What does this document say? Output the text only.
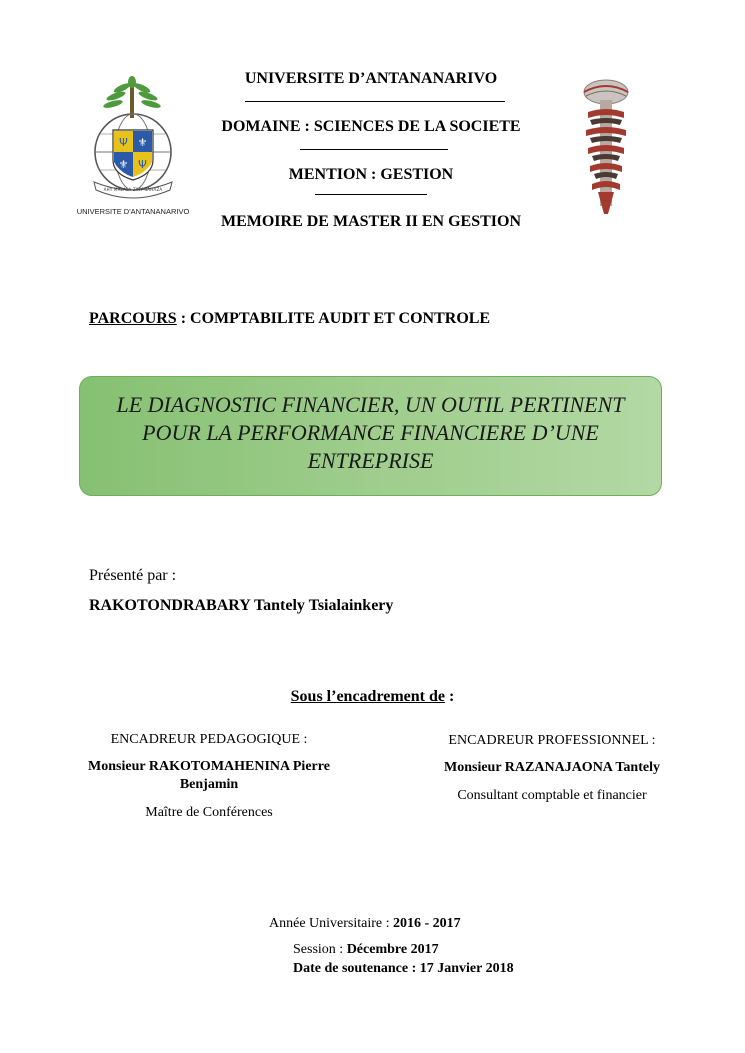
Ψ ⚜
⚜ Ψ
AHY MALALA ZIHY SAHAZA
UNIVERSITE D'ANTANANARIVO
UNIVERSITE D’ANTANANARIVO
DOMAINE : SCIENCES DE LA SOCIETE
MENTION : GESTION
MEMOIRE DE MASTER II EN GESTION
PARCOURS : COMPTABILITE AUDIT ET CONTROLE
LE DIAGNOSTIC FINANCIER, UN OUTIL PERTINENT
POUR LA PERFORMANCE FINANCIERE D’UNE
ENTREPRISE
Présenté par :
RAKOTONDRABARY Tantely Tsialainkery
Sous l’encadrement de :
ENCADREUR PEDAGOGIQUE :
Monsieur RAKOTOMAHENINA Pierre
Benjamin
Maître de Conférences
ENCADREUR PROFESSIONNEL :
Monsieur RAZANAJAONA Tantely
Consultant comptable et financier
Année Universitaire : 2016 - 2017
Session : Décembre 2017
Date de soutenance : 17 Janvier 2018
